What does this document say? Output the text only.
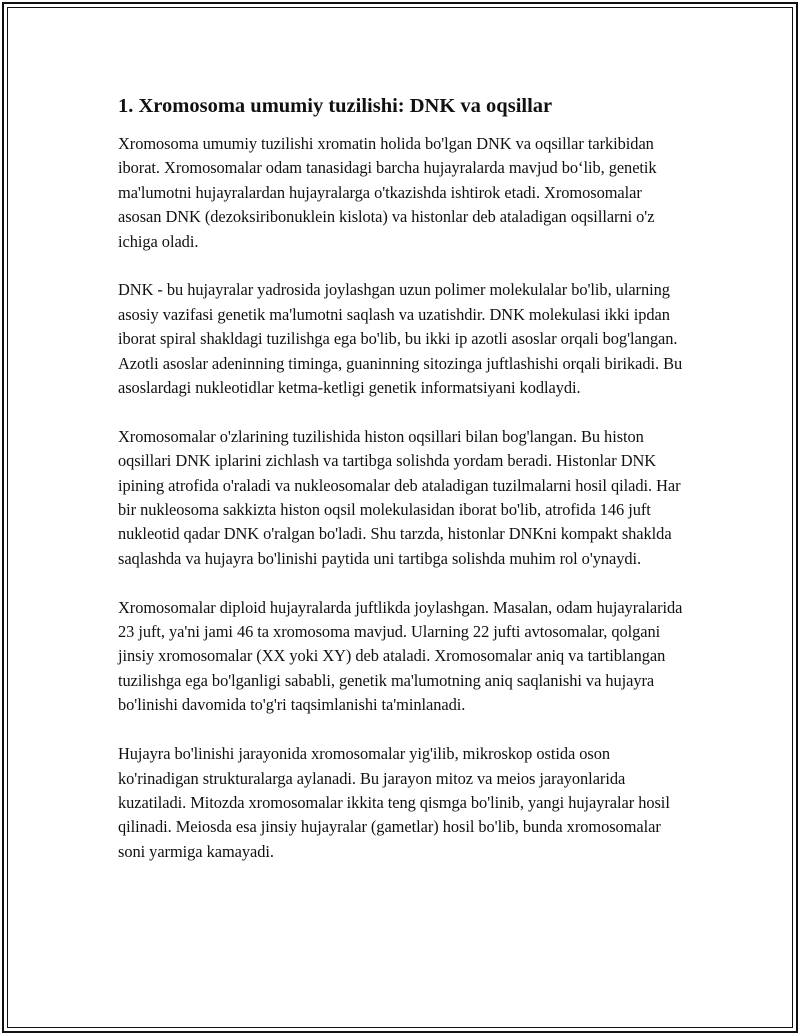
1. Xromosoma umumiy tuzilishi: DNK va oqsillar

Xromosoma umumiy tuzilishi xromatin holida bo'lgan DNK va oqsillar tarkibidan iborat. Xromosomalar odam tanasidagi barcha hujayralarda mavjud bo‘lib, genetik ma'lumotni hujayralardan hujayralarga o'tkazishda ishtirok etadi. Xromosomalar asosan DNK (dezoksiribonuklein kislota) va histonlar deb ataladigan oqsillarni o'z ichiga oladi.

DNK - bu hujayralar yadrosida joylashgan uzun polimer molekulalar bo'lib, ularning asosiy vazifasi genetik ma'lumotni saqlash va uzatishdir. DNK molekulasi ikki ipdan iborat spiral shakldagi tuzilishga ega bo'lib, bu ikki ip azotli asoslar orqali bog'langan. Azotli asoslar adeninning timinga, guaninning sitozinga juftlashishi orqali birikadi. Bu asoslardagi nukleotidlar ketma-ketligi genetik informatsiyani kodlaydi.

Xromosomalar o'zlarining tuzilishida histon oqsillari bilan bog'langan. Bu histon oqsillari DNK iplarini zichlash va tartibga solishda yordam beradi. Histonlar DNK ipining atrofida o'raladi va nukleosomalar deb ataladigan tuzilmalarni hosil qiladi. Har bir nukleosoma sakkizta histon oqsil molekulasidan iborat bo'lib, atrofida 146 juft nukleotid qadar DNK o'ralgan bo'ladi. Shu tarzda, histonlar DNKni kompakt shaklda saqlashda va hujayra bo'linishi paytida uni tartibga solishda muhim rol o'ynaydi.

Xromosomalar diploid hujayralarda juftlikda joylashgan. Masalan, odam hujayralarida 23 juft, ya'ni jami 46 ta xromosoma mavjud. Ularning 22 jufti avtosomalar, qolgani jinsiy xromosomalar (XX yoki XY) deb ataladi. Xromosomalar aniq va tartiblangan tuzilishga ega bo'lganligi sababli, genetik ma'lumotning aniq saqlanishi va hujayra bo'linishi davomida to'g'ri taqsimlanishi ta'minlanadi.

Hujayra bo'linishi jarayonida xromosomalar yig'ilib, mikroskop ostida oson ko'rinadigan strukturalarga aylanadi. Bu jarayon mitoz va meios jarayonlarida kuzatiladi. Mitozda xromosomalar ikkita teng qismga bo'linib, yangi hujayralar hosil qilinadi. Meiosda esa jinsiy hujayralar (gametlar) hosil bo'lib, bunda xromosomalar soni yarmiga kamayadi.
